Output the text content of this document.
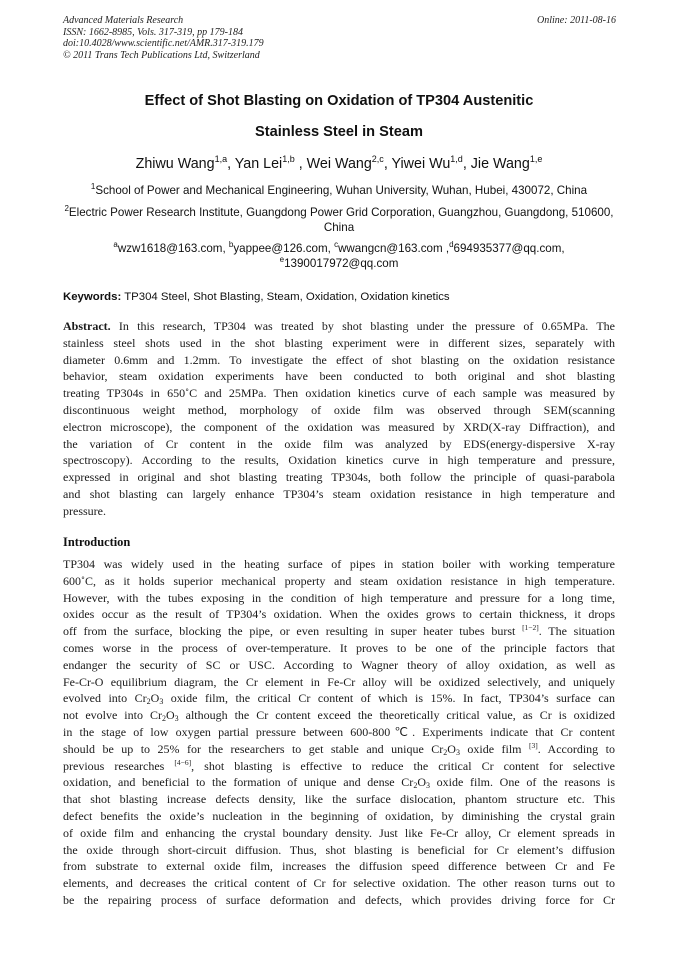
Advanced Materials Research
ISSN: 1662-8985, Vols. 317-319, pp 179-184
doi:10.4028/www.scientific.net/AMR.317-319.179
© 2011 Trans Tech Publications Ltd, Switzerland
Online: 2011-08-16
Effect of Shot Blasting on Oxidation of TP304 Austenitic
Stainless Steel in Steam
Zhiwu Wang$^{1,a}$, Yan Lei$^{1,b}$ , Wei Wang$^{2,c}$, Yiwei Wu$^{1,d}$, Jie Wang$^{1,e}$
$^1$School of Power and Mechanical Engineering, Wuhan University, Wuhan, Hubei, 430072, China
$^2$Electric Power Research Institute, Guangdong Power Grid Corporation, Guangzhou, Guangdong, 510600, China
$^a$wzw1618@163.com, $^b$yappee@126.com, $^c$wwangcn@163.com ,$^d$694935377@qq.com,
$^e$1390017972@qq.com
Keywords: TP304 Steel, Shot Blasting, Steam, Oxidation, Oxidation kinetics
Abstract. In this research, TP304 was treated by shot blasting under the pressure of 0.65MPa. The
stainless steel shots used in the shot blasting experiment were in different sizes, separately with
diameter 0.6mm and 1.2mm. To investigate the effect of shot blasting on the oxidation resistance
behavior, steam oxidation experiments have been conducted to both original and shot blasting
treating TP304s in 650˚C and 25MPa. Then oxidation kinetics curve of each sample was measured by
discontinuous weight method, morphology of oxide film was observed through SEM(scanning
electron microscope), the component of the oxidation was measured by XRD(X-ray Diffraction), and
the variation of Cr content in the oxide film was analyzed by EDS(energy-dispersive X-ray
spectroscopy). According to the results, Oxidation kinetics curve in high temperature and pressure,
expressed in original and shot blasting treating TP304s, both follow the principle of quasi-parabola
and shot blasting can largely enhance TP304’s steam oxidation resistance in high temperature and
pressure.
Introduction
TP304 was widely used in the heating surface of pipes in station boiler with working temperature
600˚C, as it holds superior mechanical property and steam oxidation resistance in high temperature.
However, with the tubes exposing in the condition of high temperature and pressure for a long time,
oxides occur as the result of TP304’s oxidation. When the oxides grows to certain thickness, it drops
off from the surface, blocking the pipe, or even resulting in super heater tubes burst [1−2]. The situation
comes worse in the process of over-temperature. It proves to be one of the principle factors that
endanger the security of SC or USC. According to Wagner theory of alloy oxidation, as well as
Fe-Cr-O equilibrium diagram, the Cr element in Fe-Cr alloy will be oxidized selectively, and uniquely
evolved into $Cr_2O_3$ oxide film, the critical Cr content of which is 15%. In fact, TP304’s surface can
not evolve into $Cr_2O_3$ although the Cr content exceed the theoretically critical value, as Cr is oxidized
in the stage of low oxygen partial pressure between 600-800℃. Experiments indicate that Cr content
should be up to 25% for the researchers to get stable and unique $Cr_2O_3$ oxide film [3]. According to
previous researches [4−6], shot blasting is effective to reduce the critical Cr content for selective
oxidation, and beneficial to the formation of unique and dense $Cr_2O_3$ oxide film. One of the reasons is
that shot blasting increase defects density, like the surface dislocation, phantom structure etc. This
defect benefits the oxide’s nucleation in the beginning of oxidation, by diminishing the crystal grain
of oxide film and enhancing the crystal boundary density. Just like Fe-Cr alloy, Cr element spreads in
the oxide through short-circuit diffusion. Thus, shot blasting is beneficial for Cr element’s diffusion
from substrate to external oxide film, increases the diffusion speed difference between Cr and Fe
elements, and decreases the critical content of Cr for selective oxidation. The other reason turns out to
be the repairing process of surface deformation and defects, which provides driving force for Cr
